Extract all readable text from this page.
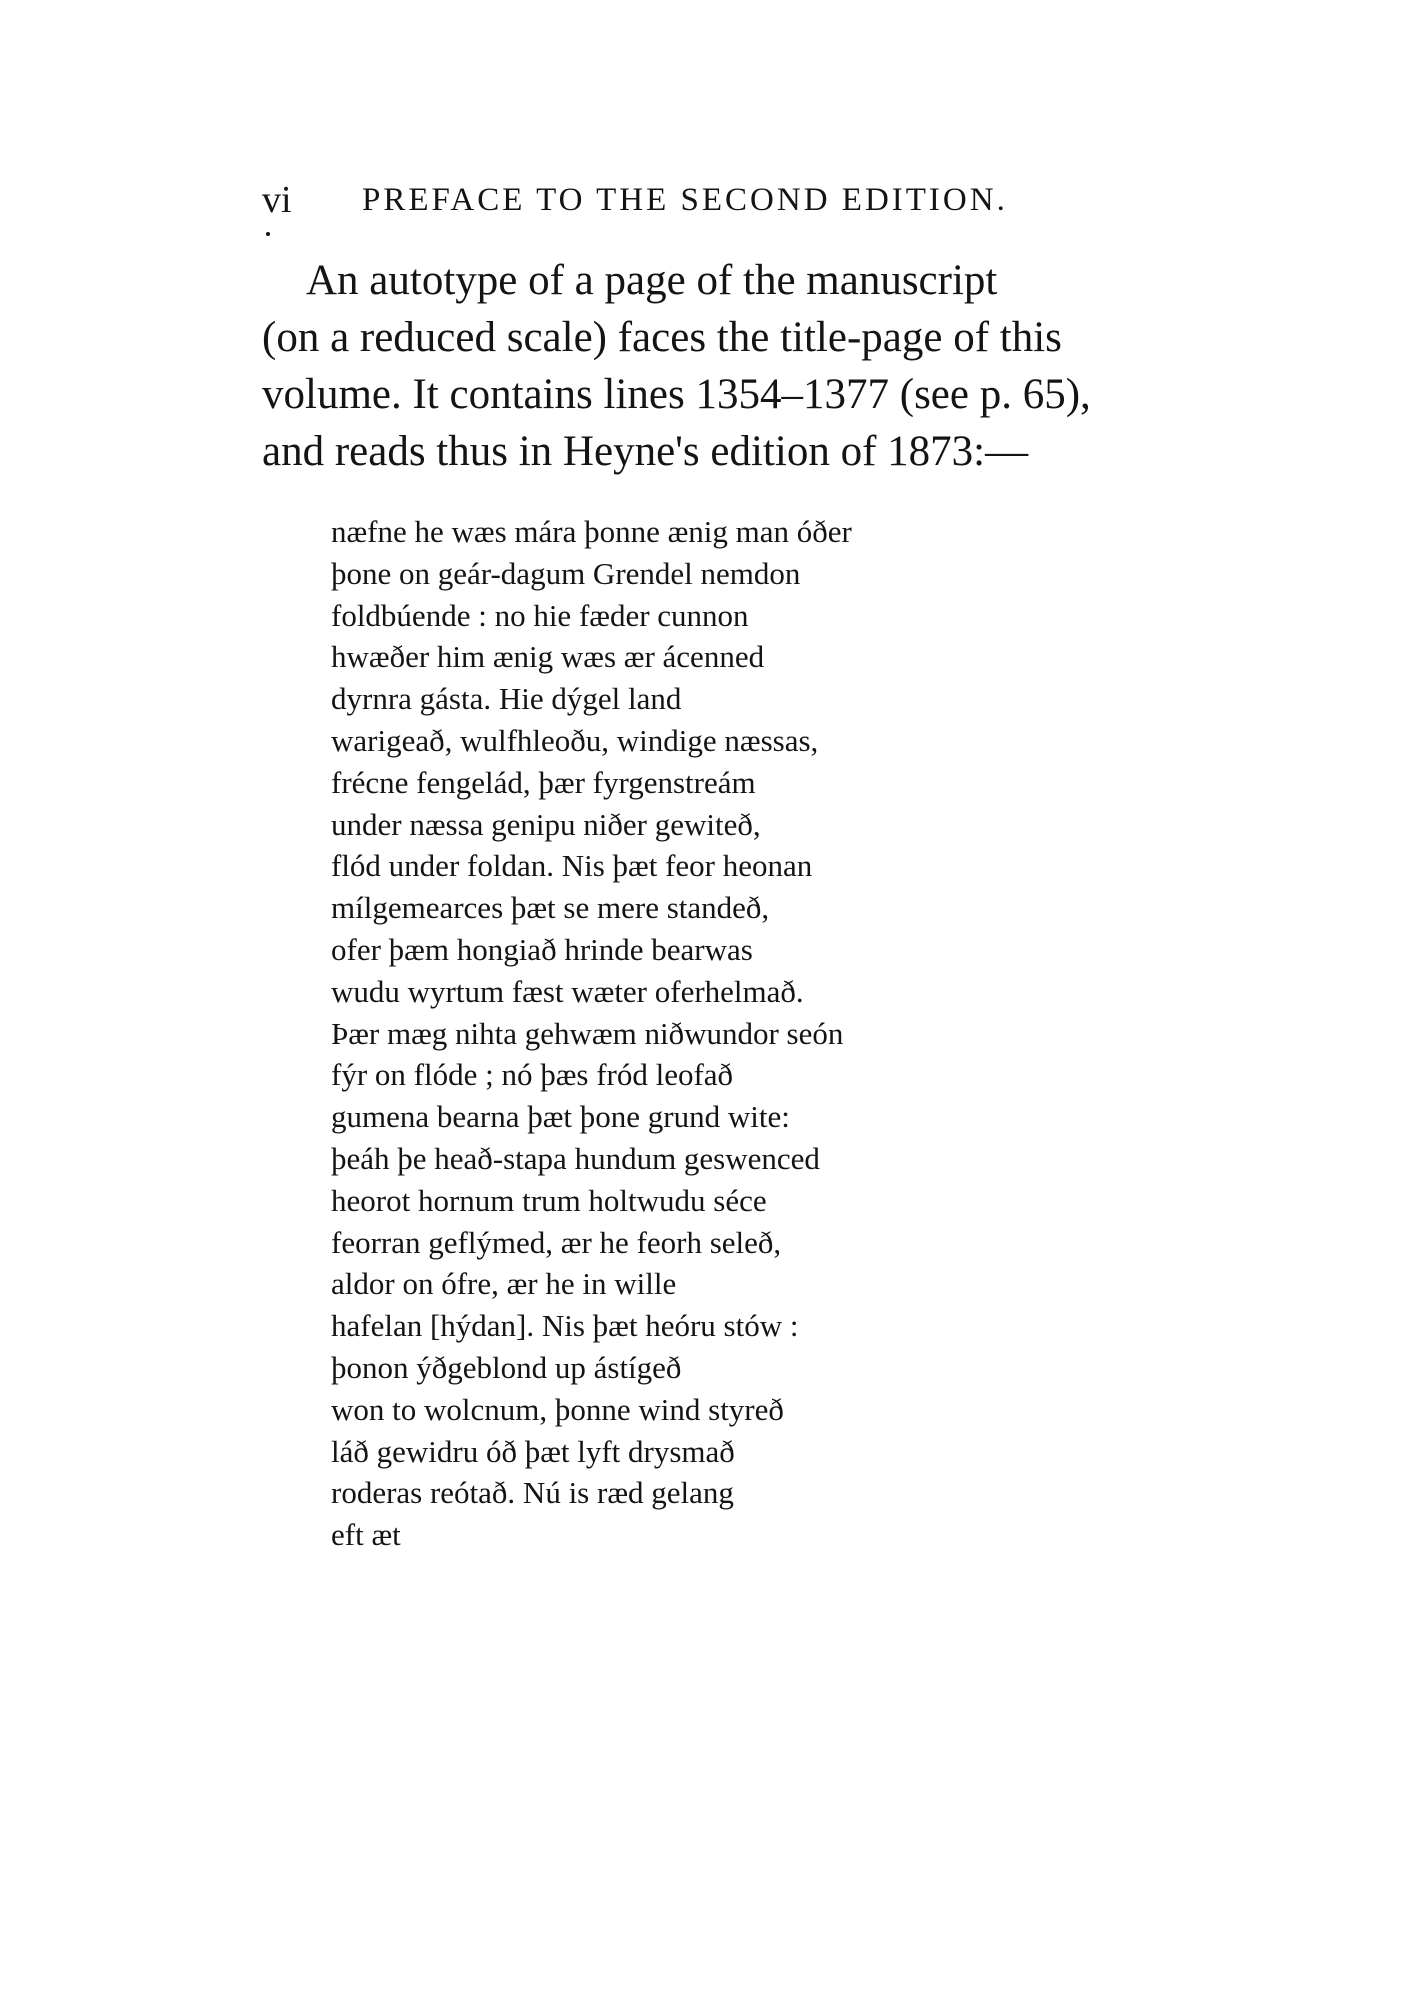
vi PREFACE TO THE SECOND EDITION.
An autotype of a page of the manuscript
(on a reduced scale) faces the title-page of this
volume. It contains lines 1354–1377 (see p. 65),
and reads thus in Heyne's edition of 1873:—
næfne he wæs mára þonne ænig man óðer
þone on geár-dagum Grendel nemdon
foldbúende : no hie fæder cunnon
hwæðer him ænig wæs ær ácenned
dyrnra gásta. Hie dýgel land
warigeað, wulfhleoðu, windige næssas,
frécne fengelád, þær fyrgenstreám
under næssa genipu niðer gewiteð,
flód under foldan. Nis þæt feor heonan
mílgemearces þæt se mere standeð,
ofer þæm hongiað hrinde bearwas
wudu wyrtum fæst wæter oferhelmað.
Þær mæg nihta gehwæm niðwundor seón
fýr on flóde ; nó þæs fród leofað
gumena bearna þæt þone grund wite:
þeáh þe heað-stapa hundum geswenced
heorot hornum trum holtwudu sécе
feorran geflýmed, ær he feorh seleð,
aldor on ófre, ær he in wille
hafelan [hýdan]. Nis þæt heóru stów :
þonon ýðgeblond up ástígeð
won to wolcnum, þonne wind styreð
láð gewidru óð þæt lyft drysmað
roderas reótað. Nú is ræd gelang
eft æt
